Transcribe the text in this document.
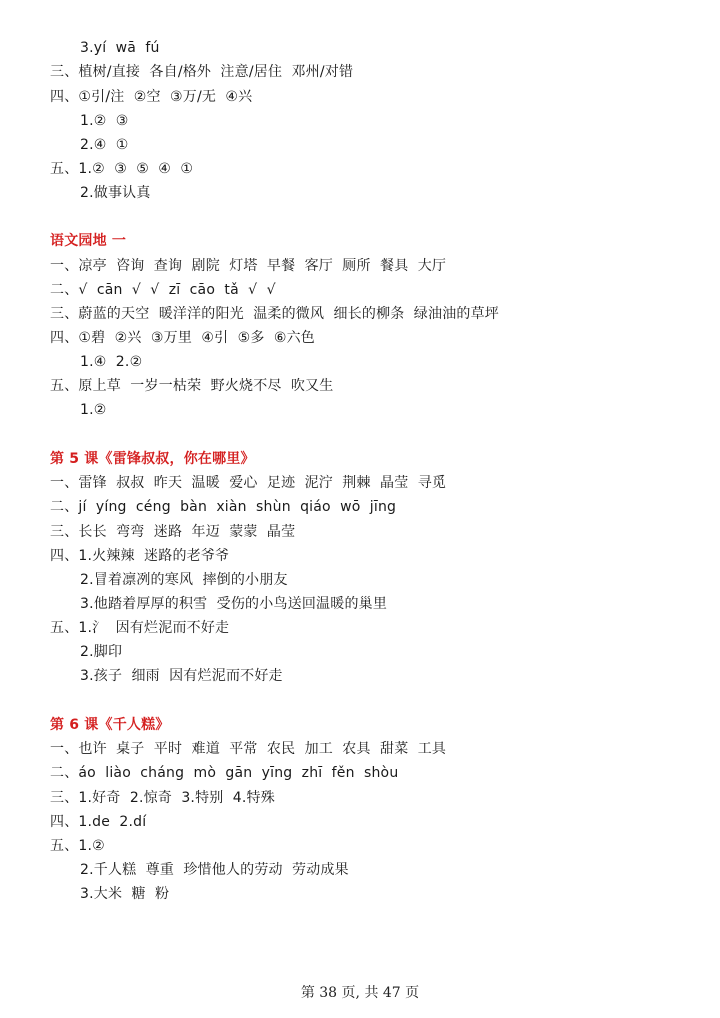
3.yí  wā  fú
三、植树/直接  各自/格外  注意/居住  邓州/对错
四、①引/注  ②空  ③万/无  ④兴
1.②  ③
2.④  ①
五、1.②  ③  ⑤  ④  ①
2.做事认真
语文园地 一
一、凉亭  咨询  查询  剧院  灯塔  早餐  客厅  厕所  餐具  大厅
二、√  cān  √  √  zī  cāo  tǎ  √  √
三、蔚蓝的天空  暖洋洋的阳光  温柔的微风  细长的柳条  绿油油的草坪
四、①碧  ②兴  ③万里  ④引  ⑤多  ⑥六色
1.④  2.②
五、原上草  一岁一枯荣  野火烧不尽  吹又生
1.②
第 5 课《雷锋叔叔，你在哪里》
一、雷锋  叔叔  昨天  温暖  爱心  足迹  泥泞  荆棘  晶莹  寻觅
二、jí  yíng  céng  bàn  xiàn  shùn  qiáo  wō  jīng
三、长长  弯弯  迷路  年迈  蒙蒙  晶莹
四、1.火辣辣  迷路的老爷爷
2.冒着凛冽的寒风  摔倒的小朋友
3.他踏着厚厚的积雪  受伤的小鸟送回温暖的巢里
五、1.氵  因有烂泥而不好走
2.脚印
3.孩子  细雨  因有烂泥而不好走
第 6 课《千人糕》
一、也许  桌子  平时  难道  平常  农民  加工  农具  甜菜  工具
二、áo  liào  cháng  mò  gān  yīng  zhī  fěn  shòu
三、1.好奇  2.惊奇  3.特别  4.特殊
四、1.de  2.dí
五、1.②
2.千人糕  尊重  珍惜他人的劳动  劳动成果
3.大米  糖  粉
第 38 页, 共 47 页
